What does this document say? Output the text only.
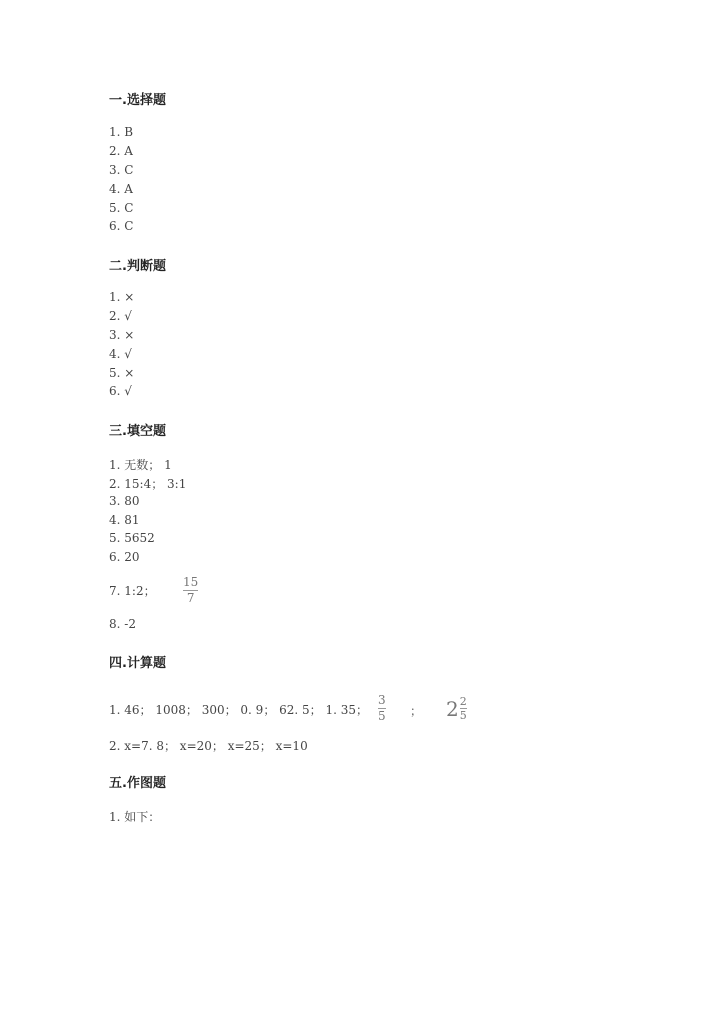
一.选择题
1. B
2. A
3. C
4. A
5. C
6. C
二.判断题
1. ×
2. √
3. ×
4. √
5. ×
6. √
三.填空题
1. 无数； 1
2. 15:4； 3:1
3. 80
4. 81
5. 5652
6. 20
7. 1:2；
15
7
8. -2
四.计算题
1. 46； 1008； 300； 0. 9； 62. 5； 1. 35；
3
5 ； $2 \frac{2}{5}$
2. x=7. 8； x=20； x=25； x=10
五.作图题
1. 如下：
